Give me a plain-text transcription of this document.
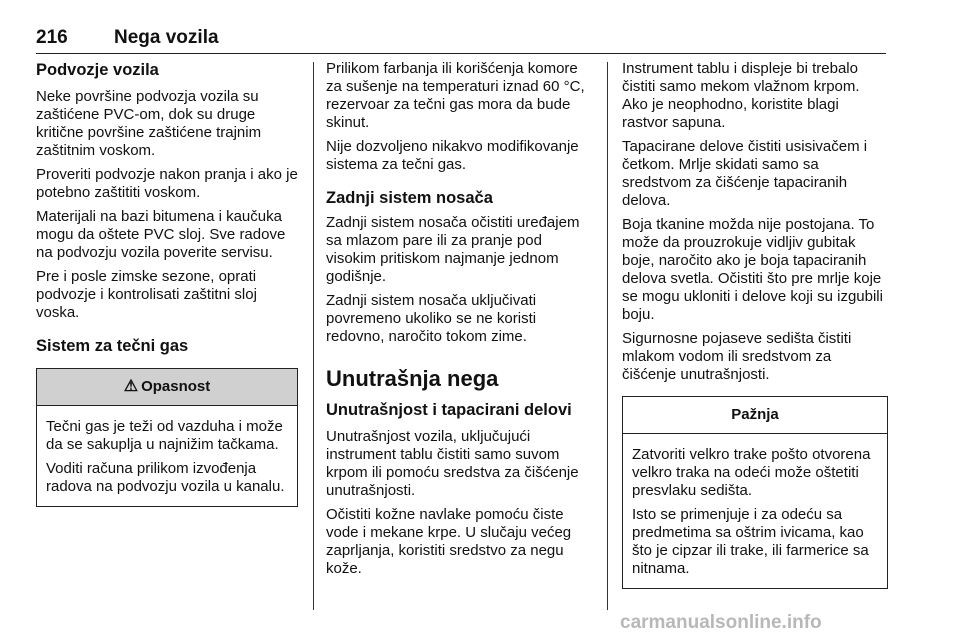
216 Nega vozila
Podvozje vozila

Neke površine podvozja vozila su zaštićene PVC-om, dok su druge kritične površine zaštićene trajnim zaštitnim voskom.

Proveriti podvozje nakon pranja i ako je potebno zaštititi voskom.

Materijali na bazi bitumena i kaučuka mogu da oštete PVC sloj. Sve radove na podvozju vozila poverite servisu.

Pre i posle zimske sezone, oprati podvozje i kontrolisati zaštitni sloj voska.

Sistem za tečni gas
⚠ Opasnost

Tečni gas je teži od vazduha i može da se sakuplja u najnižim tačkama.

Voditi računa prilikom izvođenja radova na podvozju vozila u kanalu.

Prilikom farbanja ili korišćenja komore za sušenje na temperaturi iznad 60 °C, rezervoar za tečni gas mora da bude skinut.

Nije dozvoljeno nikakvo modifikovanje sistema za tečni gas.

Zadnji sistem nosača

Zadnji sistem nosača očistiti uređajem sa mlazom pare ili za pranje pod visokim pritiskom najmanje jednom godišnje.

Zadnji sistem nosača uključivati povremeno ukoliko se ne koristi redovno, naročito tokom zime.

Unutrašnja nega
Unutrašnjost i tapacirani delovi

Unutrašnjost vozila, uključujući instrument tablu čistiti samo suvom krpom ili pomoću sredstva za čišćenje unutrašnjosti.

Očistiti kožne navlake pomoću čiste vode i mekane krpe. U slučaju većeg zaprljanja, koristiti sredstvo za negu kože.

Instrument tablu i displeje bi trebalo čistiti samo mekom vlažnom krpom. Ako je neophodno, koristite blagi rastvor sapuna.

Tapacirane delove čistiti usisivačem i četkom. Mrlje skidati samo sa sredstvom za čišćenje tapaciranih delova.

Boja tkanine možda nije postojana. To može da prouzrokuje vidljiv gubitak boje, naročito ako je boja tapaciranih delova svetla. Očistiti što pre mrlje koje se mogu ukloniti i delove koji su izgubili boju.

Sigurnosne pojaseve sedišta čistiti mlakom vodom ili sredstvom za čišćenje unutrašnjosti.

Pažnja

Zatvoriti velkro trake pošto otvorena velkro traka na odeći može oštetiti presvlaku sedišta.

Isto se primenjuje i za odeću sa predmetima sa oštrim ivicama, kao što je cipzar ili trake, ili farmerice sa nitnama.

carmanualsonline.info
